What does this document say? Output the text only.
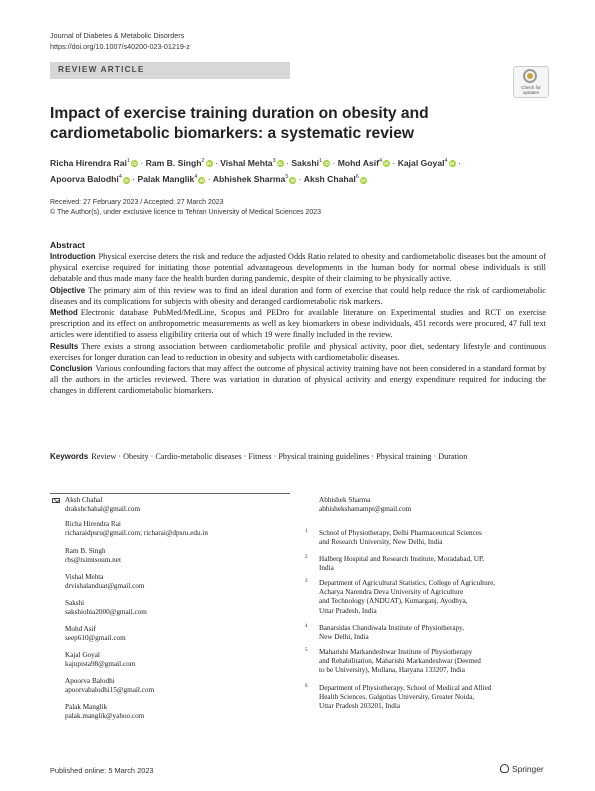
Journal of Diabetes & Metabolic Disorders
https://doi.org/10.1007/s40200-023-01219-z
REVIEW ARTICLE
Check for
updates
Impact of exercise training duration on obesity and cardiometabolic biomarkers: a systematic review
Richa Hirendra Rai$^1$ iD · Ram B. Singh$^2$ iD · Vishal Mehta$^3$ iD · Sakshi$^1$ iD · Mohd Asif$^4$ iD · Kajal Goyal$^4$ iD ·
Apoorva Balodhi$^4$ iD · Palak Manglik$^4$ iD · Abhishek Sharma$^5$ iD · Aksh Chahal$^6$ iD
Received: 27 February 2023 / Accepted: 27 March 2023
© The Author(s), under exclusive licence to Tehran University of Medical Sciences 2023
Abstract

Introduction Physical exercise deters the risk and reduce the adjusted Odds Ratio related to obesity and cardiometabolic diseases but the amount of physical exercise required for initiating those potential advantageous developments in the human body for normal obese individuals is still debatable and thus made many face the health burden during pandemic, despite of their claiming to be physically active.

Objective The primary aim of this review was to find an ideal duration and form of exercise that could help reduce the risk of cardiometabolic diseases and its complications for subjects with obesity and deranged cardiometabolic risk markers.

Method Electronic database PubMed/MedLine, Scopus and PEDro for available literature on Experimental studies and RCT on exercise prescription and its effect on anthropometric measurements as well as key biomarkers in obese individuals, 451 records were procured, 47 full text articles were identified to assess eligibility criteria out of which 19 were finally included in the review.

Results There exists a strong association between cardiometabolic profile and physical activity, poor diet, sedentary lifestyle and continuous exercises for longer duration can lead to reduction in obesity and subjects with cardiometabolic diseases.

Conclusion Various confounding factors that may affect the outcome of physical activity training have not been considered in a standard format by all the authors in the articles reviewed. There was variation in duration of physical activity and energy expenditure required for inducing the changes in different cardiometabolic biomarkers.

Keywords Review · Obesity · Cardio-metabolic diseases · Fitness · Physical training guidelines · Physical training · Duration
Aksh Chahal
drakshchahal@gmail.com
Richa Hirendra Rai
richaraidpsru@gmail.com; richarai@dpsru.edu.in
Ram B. Singh
rbs@tsimtsoum.net
Vishal Mehta
drvishalanduat@gmail.com
Sakshi
sakshiohia2000@gmail.com
Mohd Asif
seep610@gmail.com
Kajal Goyal
kajupista98@gmail.com
Apoorva Balodhi
apoorvabalodhi15@gmail.com
Palak Manglik
palak.manglik@yahoo.com
Abhishek Sharma
abhishekshamampt@gmail.com
1 School of Physiotherapy, Delhi Pharmaceutical Sciences
and Research University, New Delhi, India
2 Halberg Hospital and Research Institute, Moradabad, UP,
India
3 Department of Agricultural Statistics, College of Agriculture,
Acharya Narendra Deva University of Agriculture
and Technology (ANDUAT), Kumarganj, Ayodhya,
Uttar Pradesh, India
4 Banarsidas Chandiwala Institute of Physiotherapy,
New Delhi, India
5 Maharishi Markandeshwar Institute of Physiotherapy
and Rehabilitation, Maharishi Markandeshwar (Deemed
to be University), Mullana, Haryana 133207, India
6 Department of Physiotherapy, School of Medical and Allied
Health Sciences, Galgotias University, Greater Noida,
Uttar Pradesh 203201, India
Published online: 5 March 2023	Springer
